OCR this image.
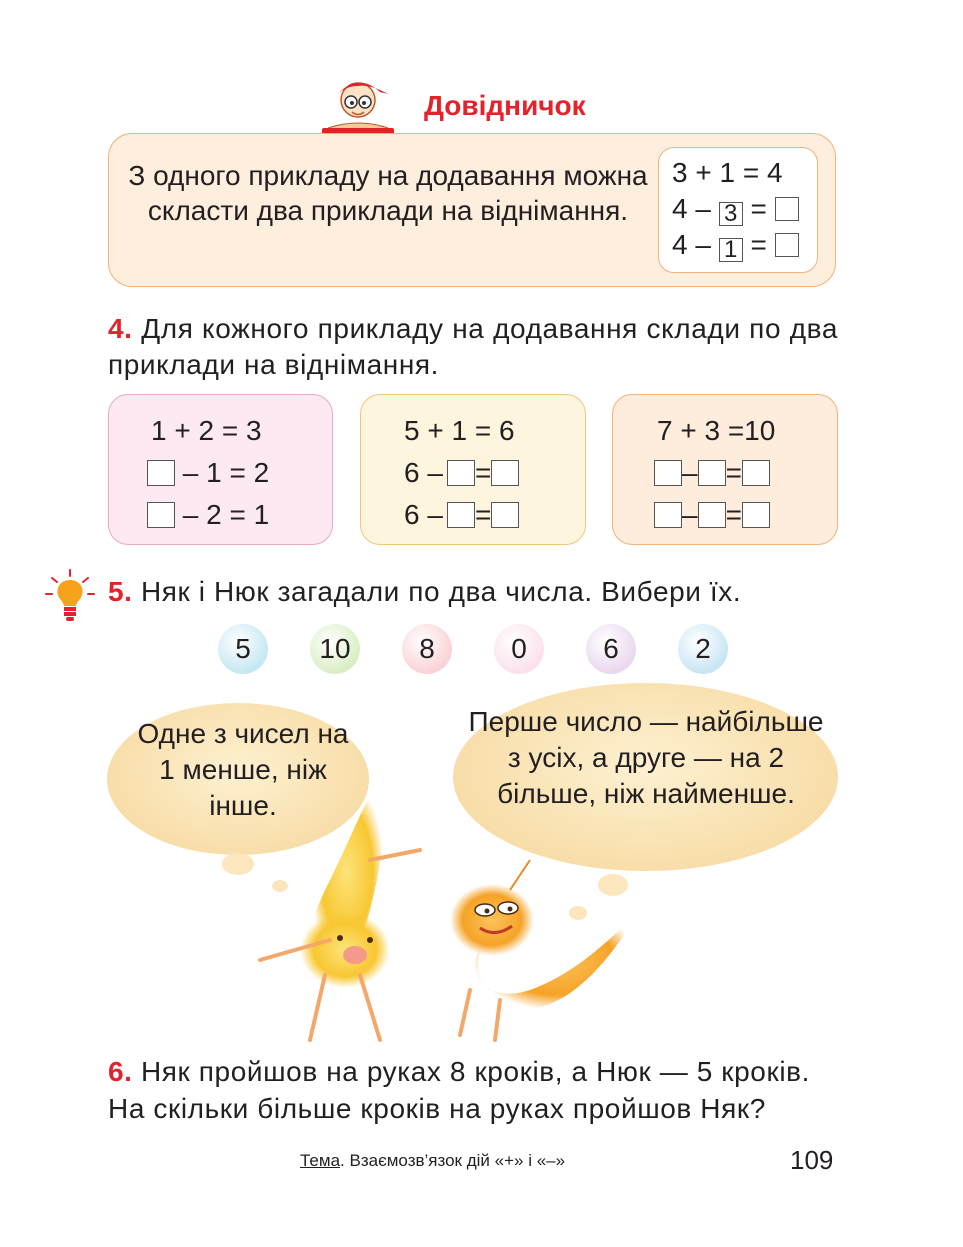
Довідничок
З одного прикладу на додавання можна скласти два приклади на віднімання.
3 + 1 = 4
4 – 3 =
4 – 1 =
4. Для кожного прикладу на додавання склади по два приклади на віднімання.
1 + 2 = 3
– 1 = 2
– 2 = 1
5 + 1 = 6
6 – =
6 – =
7 + 3 =10
– =
– =
5. Няк і Нюк загадали по два числа. Вибери їх.
5	10	8	0	6	2
Одне з чисел на 1 менше, ніж інше.
Перше число — найбільше з усіх, а друге — на 2 більше, ніж найменше.
6. Няк пройшов на руках 8 кроків, а Нюк — 5 кроків. На скільки більше кроків на руках пройшов Няк?
Тема. Взаємозв’язок дій «+» і «–»	109
